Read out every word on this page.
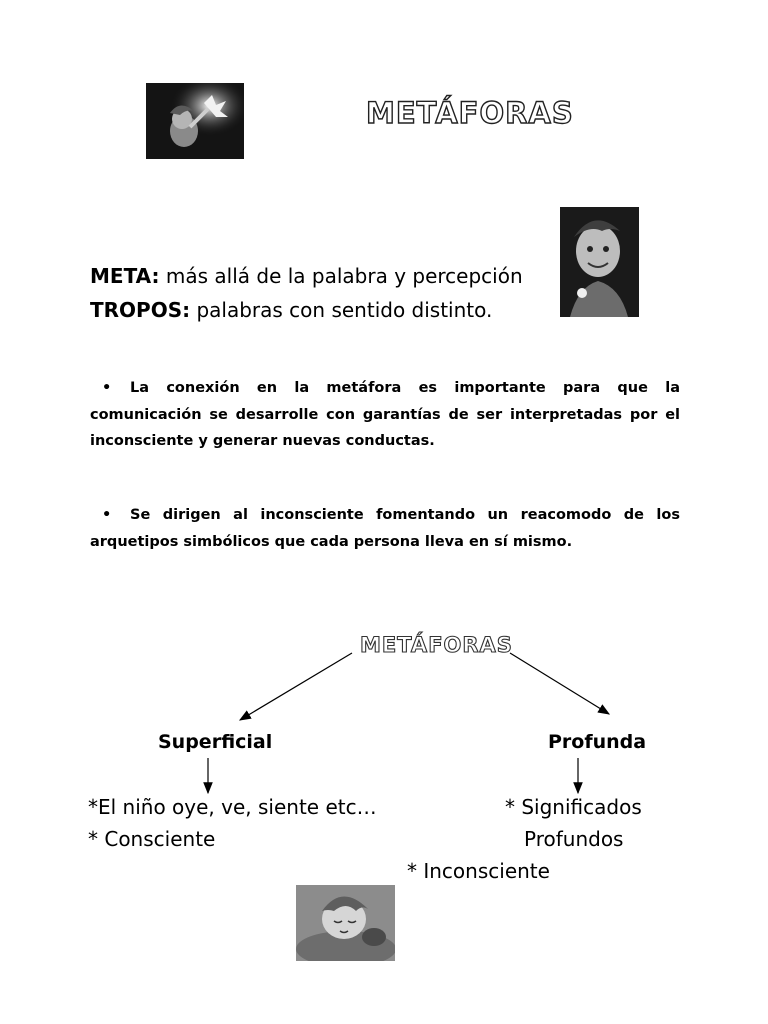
METÁFORAS
META: más allá de la palabra y percepción
TROPOS: palabras con sentido distinto.
• La conexión en la metáfora es importante para que la comunicación se desarrolle con garantías de ser interpretadas por el inconsciente y generar nuevas conductas.
• Se dirigen al inconsciente fomentando un reacomodo de los arquetipos simbólicos que cada persona lleva en sí mismo.
METÁFORAS
Superficial	Profunda
*El niño oye, ve, siente etc…
* Consciente
* Significados
Profundos
* Inconsciente
